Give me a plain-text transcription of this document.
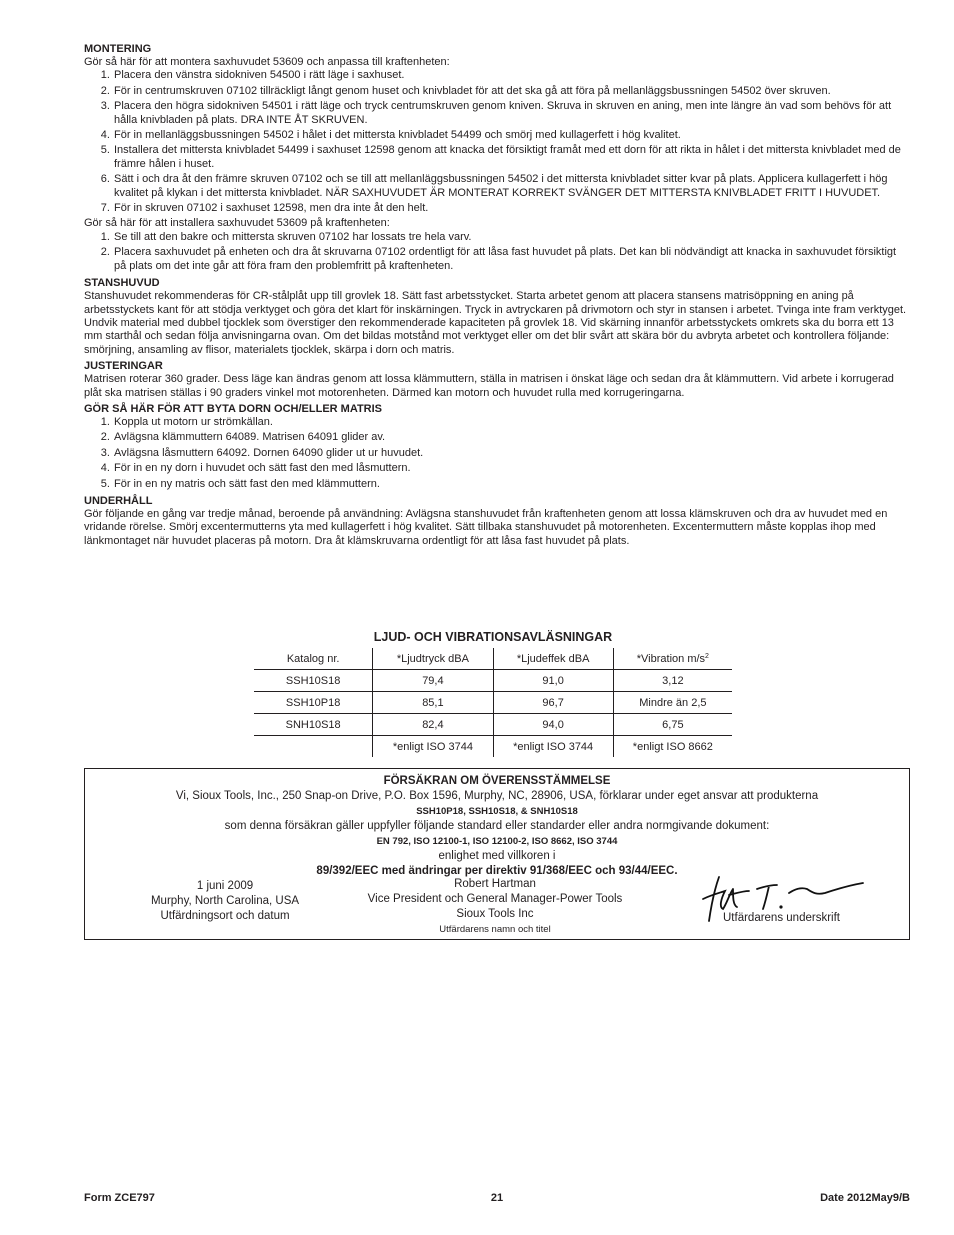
MONTERING

Gör så här för att montera saxhuvudet 53609 och anpassa till kraftenheten:

1. Placera den vänstra sidokniven 54500 i rätt läge i saxhuset.
2. För in centrumskruven 07102 tillräckligt långt genom huset och knivbladet för att det ska gå att föra på mellanläggsbussningen 54502 över skruven.
3. Placera den högra sidokniven 54501 i rätt läge och tryck centrumskruven genom kniven. Skruva in skruven en aning, men inte längre än vad som behövs för att hålla knivbladen på plats. DRA INTE ÅT SKRUVEN.
4. För in mellanläggsbussningen 54502 i hålet i det mittersta knivbladet 54499 och smörj med kullagerfett i hög kvalitet.
5. Installera det mittersta knivbladet 54499 i saxhuset 12598 genom att knacka det försiktigt framåt med ett dorn för att rikta in hålet i det mittersta knivbladet med de främre hålen i huset.
6. Sätt i och dra åt den främre skruven 07102 och se till att mellanläggsbussningen 54502 i det mittersta knivbladet sitter kvar på plats. Applicera kullagerfett i hög kvalitet på klykan i det mittersta knivbladet. NÄR SAXHUVUDET ÄR MONTERAT KORREKT SVÄNGER DET MITTERSTA KNIVBLADET FRITT I HUVUDET.
7. För in skruven 07102 i saxhuset 12598, men dra inte åt den helt.

Gör så här för att installera saxhuvudet 53609 på kraftenheten:

1. Se till att den bakre och mittersta skruven 07102 har lossats tre hela varv.
2. Placera saxhuvudet på enheten och dra åt skruvarna 07102 ordentligt för att låsa fast huvudet på plats. Det kan bli nödvändigt att knacka in saxhuvudet försiktigt på plats om det inte går att föra fram den problemfritt på kraftenheten.
STANSHUVUD

Stanshuvudet rekommenderas för CR-stålplåt upp till grovlek 18. Sätt fast arbetsstycket. Starta arbetet genom att placera stansens matrisöppning en aning på arbetsstyckets kant för att stödja verktyget och göra det klart för inskärningen. Tryck in avtryckaren på drivmotorn och styr in stansen i arbetet. Tvinga inte fram verktyget. Undvik material med dubbel tjocklek som överstiger den rekommenderade kapaciteten på grovlek 18. Vid skärning innanför arbetsstyckets omkrets ska du borra ett 13 mm starthål och sedan följa anvisningarna ovan. Om det bildas motstånd mot verktyget eller om det blir svårt att skära bör du avbryta arbetet och kontrollera följande: smörjning, ansamling av flisor, materialets tjocklek, skärpa i dorn och matris.

JUSTERINGAR

Matrisen roterar 360 grader. Dess läge kan ändras genom att lossa klämmuttern, ställa in matrisen i önskat läge och sedan dra åt klämmuttern. Vid arbete i korrugerad plåt ska matrisen ställas i 90 graders vinkel mot motorenheten. Därmed kan motorn och huvudet rulla med korrugeringarna.

GÖR SÅ HÄR FÖR ATT BYTA DORN OCH/ELLER MATRIS
1. Koppla ut motorn ur strömkällan.
2. Avlägsna klämmuttern 64089. Matrisen 64091 glider av.
3. Avlägsna låsmuttern 64092. Dornen 64090 glider ut ur huvudet.
4. För in en ny dorn i huvudet och sätt fast den med låsmuttern.
5. För in en ny matris och sätt fast den med klämmuttern.
UNDERHÅLL

Gör följande en gång var tredje månad, beroende på användning: Avlägsna stanshuvudet från kraftenheten genom att lossa klämskruven och dra av huvudet med en vridande rörelse. Smörj excentermutterns yta med kullagerfett i hög kvalitet. Sätt tillbaka stanshuvudet på motorenheten. Excentermuttern måste kopplas ihop med länkmontaget när huvudet placeras på motorn. Dra åt klämskruvarna ordentligt för att låsa fast huvudet på plats.

LJUD- OCH VIBRATIONSAVLÄSNINGAR
Katalog nr.	*Ljudtryck dBA	*Ljudeffek dBA	*Vibration $m/s^2$
SSH10S18	79,4	91,0	3,12
SSH10P18	85,1	96,7	Mindre än 2,5
SNH10S18	82,4	94,0	6,75
	*enligt ISO 3744	*enligt ISO 3744	*enligt ISO 8662
FÖRSÄKRAN OM ÖVERENSSTÄMMELSE
Vi, Sioux Tools, Inc., 250 Snap-on Drive, P.O. Box 1596, Murphy, NC, 28906, USA, förklarar under eget ansvar att produkterna
SSH10P18, SSH10S18, & SNH10S18
som denna försäkran gäller uppfyller följande standard eller standarder eller andra normgivande dokument:
EN 792, ISO 12100-1, ISO 12100-2, ISO 8662, ISO 3744
enlighet med villkoren i
89/392/EEC med ändringar per direktiv 91/368/EEC och 93/44/EEC.
1 juni 2009
Murphy, North Carolina, USA
Utfärdningsort och datum
Robert Hartman
Vice President och General Manager-Power Tools
Sioux Tools Inc
Utfärdarens namn och titel
Utfärdarens underskrift
Form ZCE797	21	Date 2012May9/B
